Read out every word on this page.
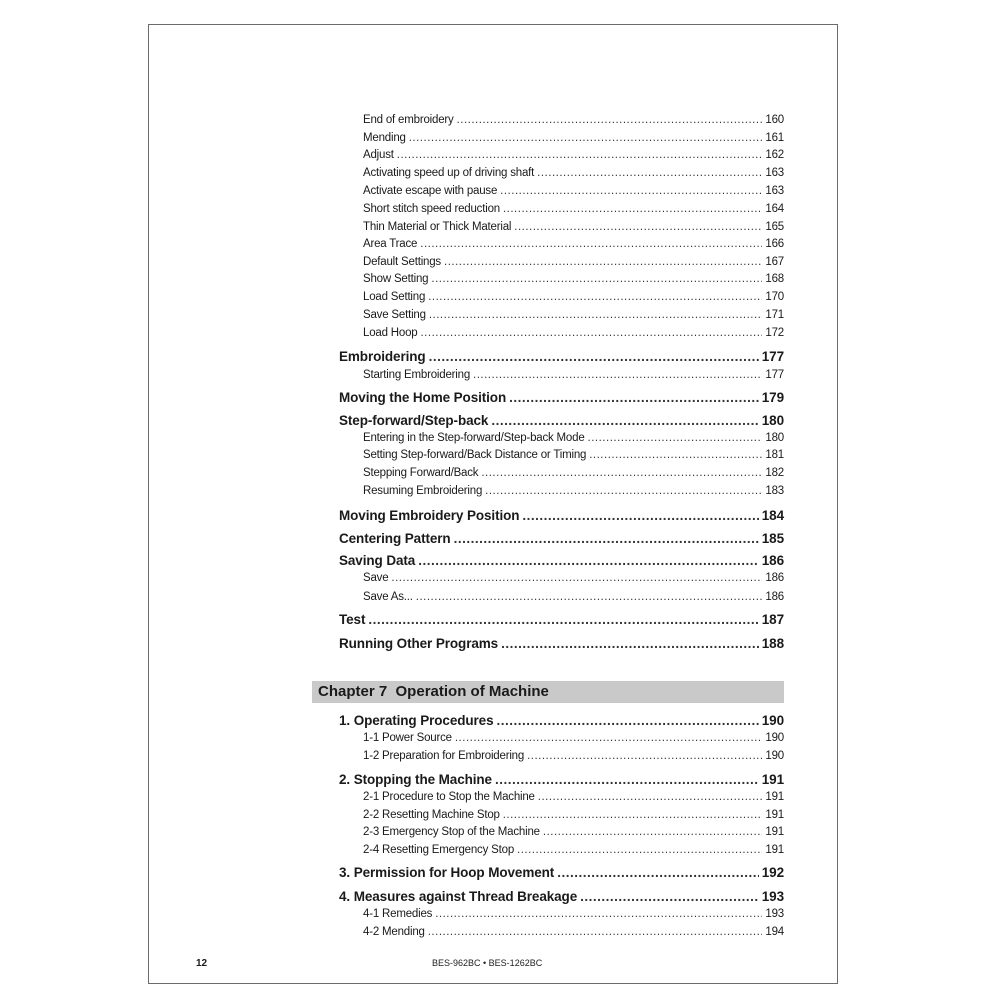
End of embroidery .....	160
Mending .....	161
Adjust .....	162
Activating speed up of driving shaft .....	163
Activate escape with pause .....	163
Short stitch speed reduction .....	164
Thin Material or Thick Material .....	165
Area Trace .....	166
Default Settings .....	167
Show Setting .....	168
Load Setting .....	170
Save Setting .....	171
Load Hoop .....	172
Embroidering .....	177
Starting Embroidering .....	177
Moving the Home Position .....	179
Step-forward/Step-back .....	180
Entering in the Step-forward/Step-back Mode .....	180
Setting Step-forward/Back Distance or Timing .....	181
Stepping Forward/Back .....	182
Resuming Embroidering .....	183
Moving Embroidery Position .....	184
Centering Pattern .....	185
Saving Data .....	186
Save .....	186
Save As... .....	186
Test .....	187
Running Other Programs .....	188
1. Operating Procedures .....	190
1-1 Power Source .....	190
1-2 Preparation for Embroidering .....	190
2. Stopping the Machine .....	191
2-1 Procedure to Stop the Machine .....	191
2-2 Resetting Machine Stop .....	191
2-3 Emergency Stop of the Machine .....	191
2-4 Resetting Emergency Stop .....	191
3. Permission for Hoop Movement .....	192
4. Measures against Thread Breakage .....	193
4-1 Remedies .....	193
4-2 Mending .....	194
Chapter 7  Operation of Machine
12	BES-962BC • BES-1262BC
